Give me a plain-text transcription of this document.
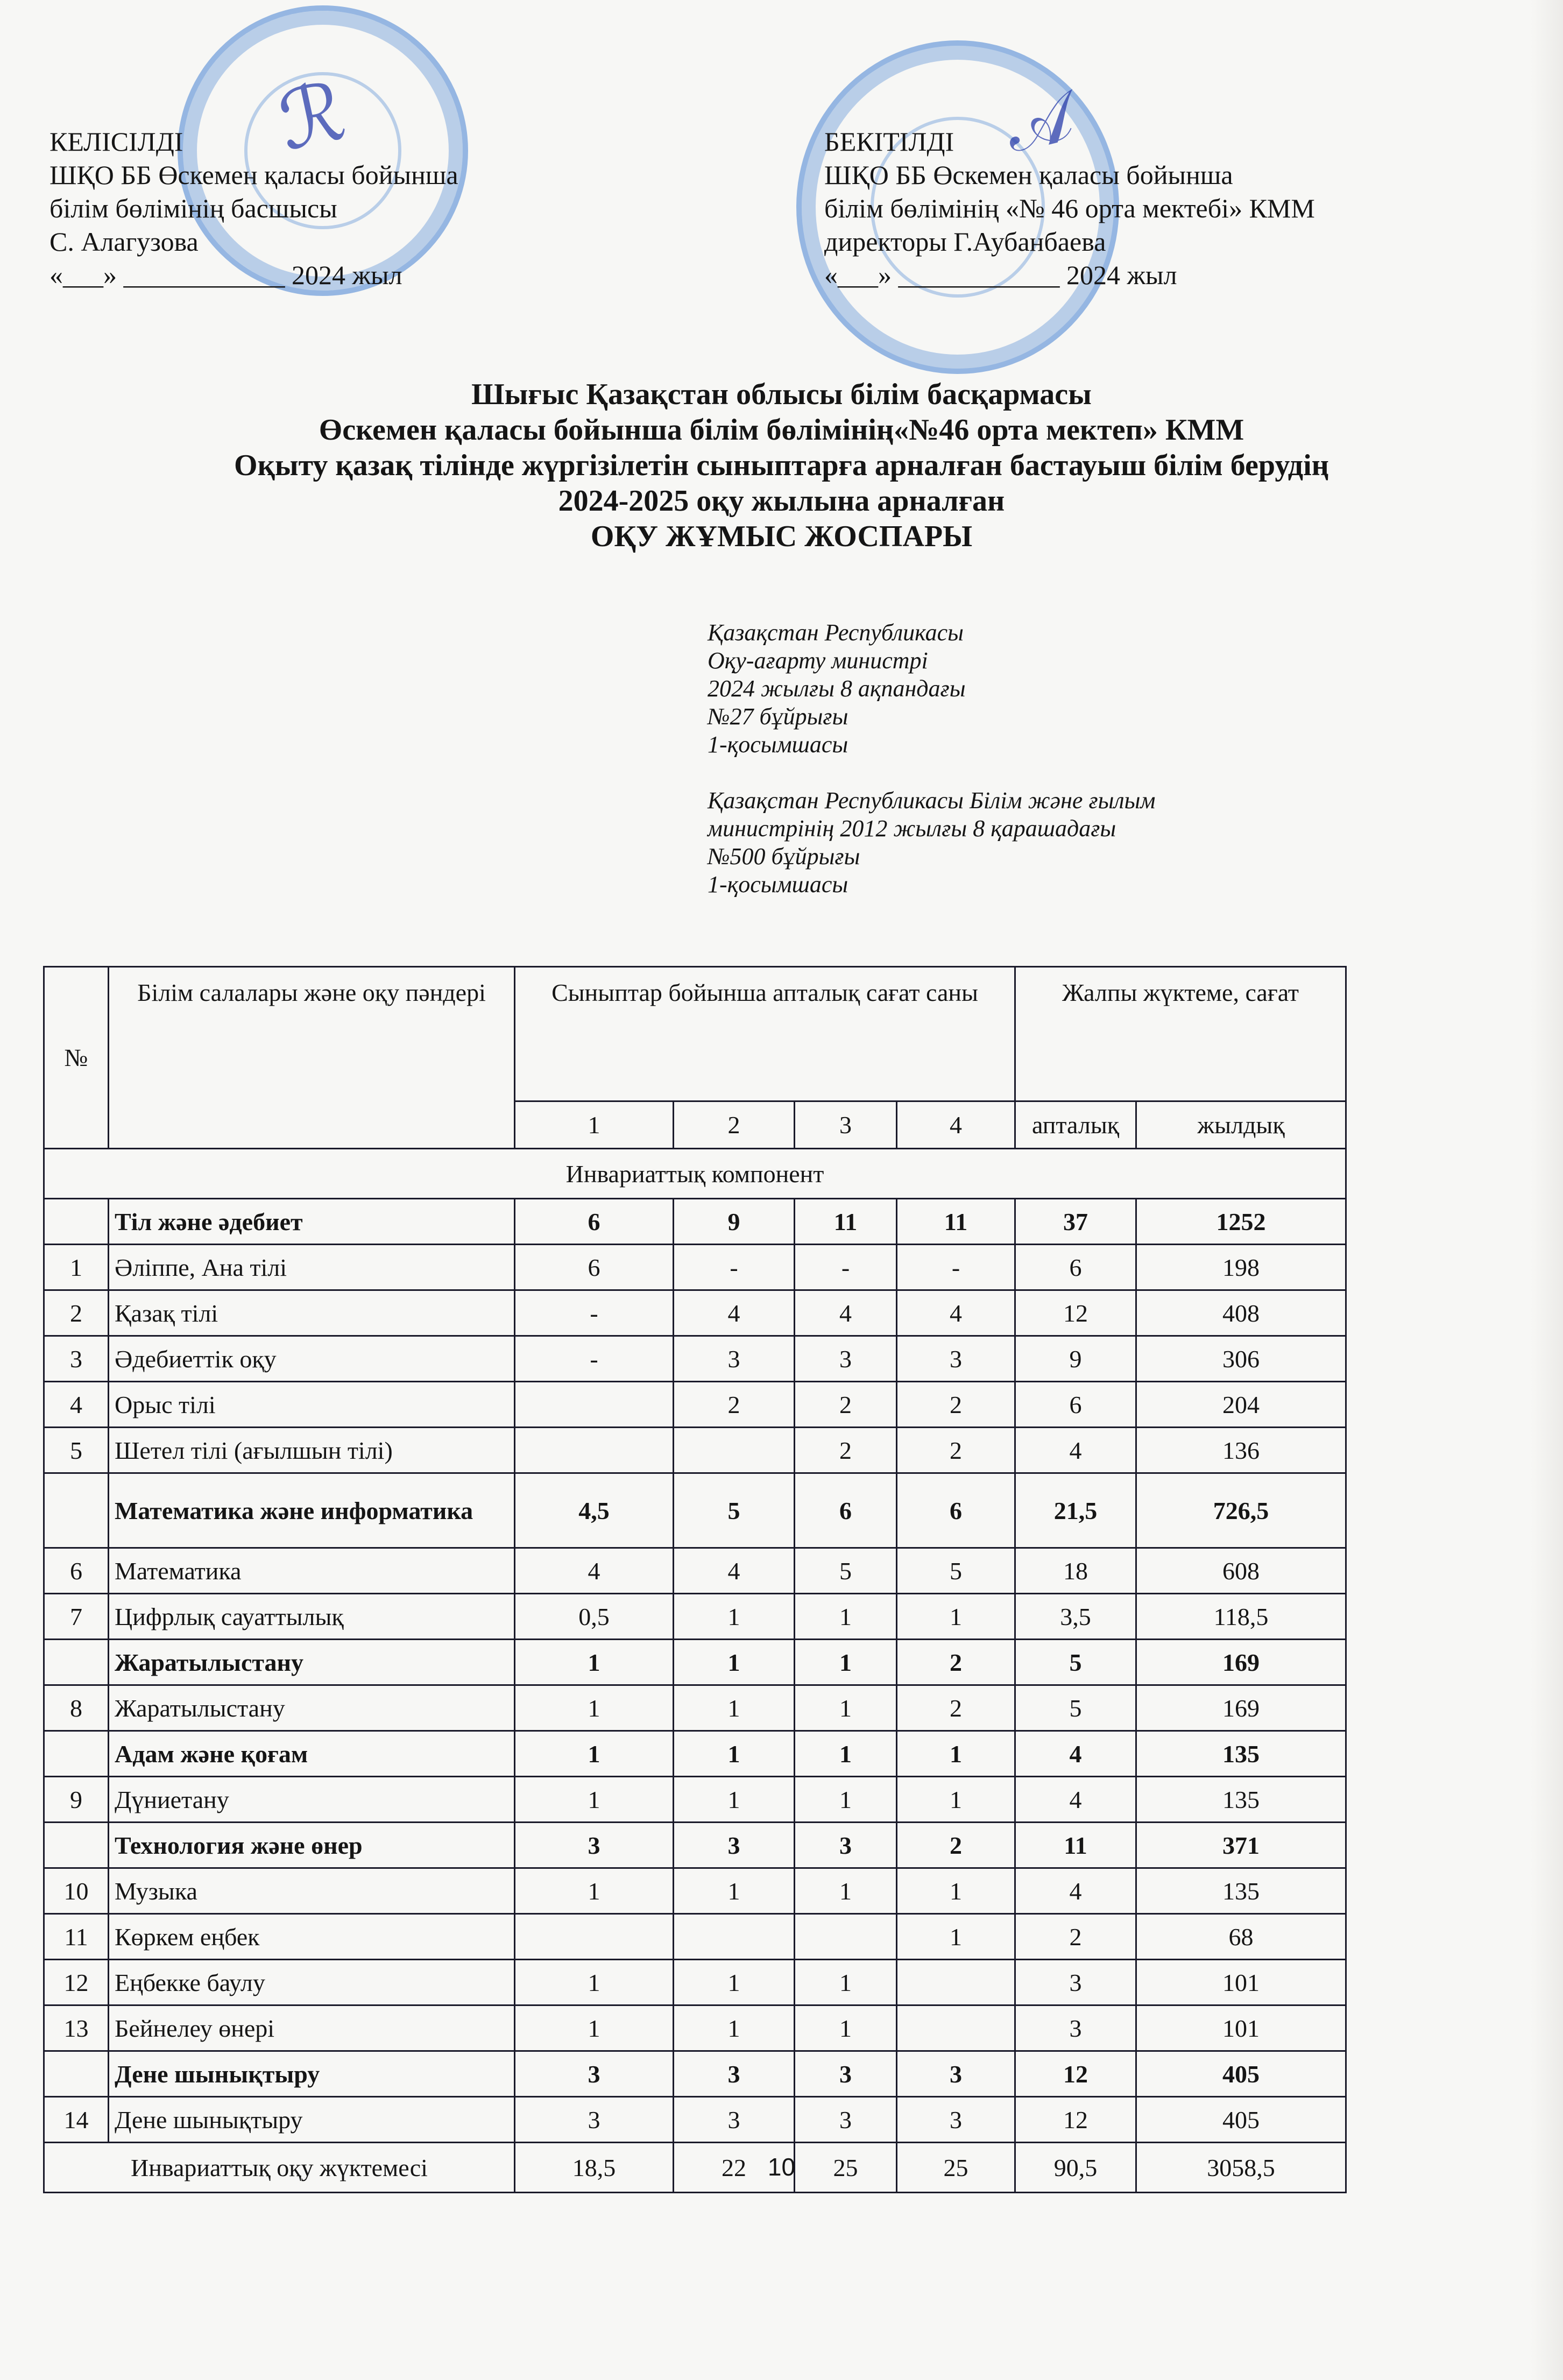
ℛ	𝒜
КЕЛІСІЛДІ
ШҚО ББ Өскемен қаласы бойынша
білім бөлімінің басшысы
С. Алагузова
«___» ____________ 2024 жыл
БЕКІТІЛДІ
ШҚО ББ Өскемен қаласы бойынша
білім бөлімінің «№ 46 орта мектебі» КММ
директоры Г.Аубанбаева
«___» ____________ 2024 жыл
Шығыс Қазақстан облысы білім басқармасы
Өскемен қаласы бойынша білім бөлімінің«№46 орта мектеп» КММ
Оқыту қазақ тілінде жүргізілетін сыныптарға арналған бастауыш білім берудің
2024-2025 оқу жылына арналған
ОҚУ ЖҰМЫС ЖОСПАРЫ
Қазақстан Республикасы
Оқу-ағарту министрі
2024 жылғы 8 ақпандағы
№27 бұйрығы
1-қосымшасы
Қазақстан Республикасы Білім және ғылым
министрінің 2012 жылғы 8 қарашадағы
№500 бұйрығы
1-қосымшасы
№	Білім салалары және оқу пәндері	Сыныптар бойынша апталық сағат саны				Жалпы жүктеме, сағат	
		1	2	3	4	апталық	жылдық
Инвариаттық компонент							
	Тіл және әдебиет	6	9	11	11	37	1252
1	Әліппе, Ана тілі	6	-	-	-	6	198
2	Қазақ тілі	-	4	4	4	12	408
3	Әдебиеттік оқу	-	3	3	3	9	306
4	Орыс тілі		2	2	2	6	204
5	Шетел тілі (ағылшын тілі)			2	2	4	136
	Математика және информатика	4,5	5	6	6	21,5	726,5
6	Математика	4	4	5	5	18	608
7	Цифрлық сауаттылық	0,5	1	1	1	3,5	118,5
	Жаратылыстану	1	1	1	2	5	169
8	Жаратылыстану	1	1	1	2	5	169
	Адам және қоғам	1	1	1	1	4	135
9	Дүниетану	1	1	1	1	4	135
	Технология және өнер	3	3	3	2	11	371
10	Музыка	1	1	1	1	4	135
11	Көркем еңбек				1	2	68
12	Еңбекке баулу	1	1	1		3	101
13	Бейнелеу өнері	1	1	1		3	101
	Дене шынықтыру	3	3	3	3	12	405
14	Дене шынықтыру	3	3	3	3	12	405
Инвариаттық оқу жүктемесі		18,5	22	25	25	90,5	3058,5
10
